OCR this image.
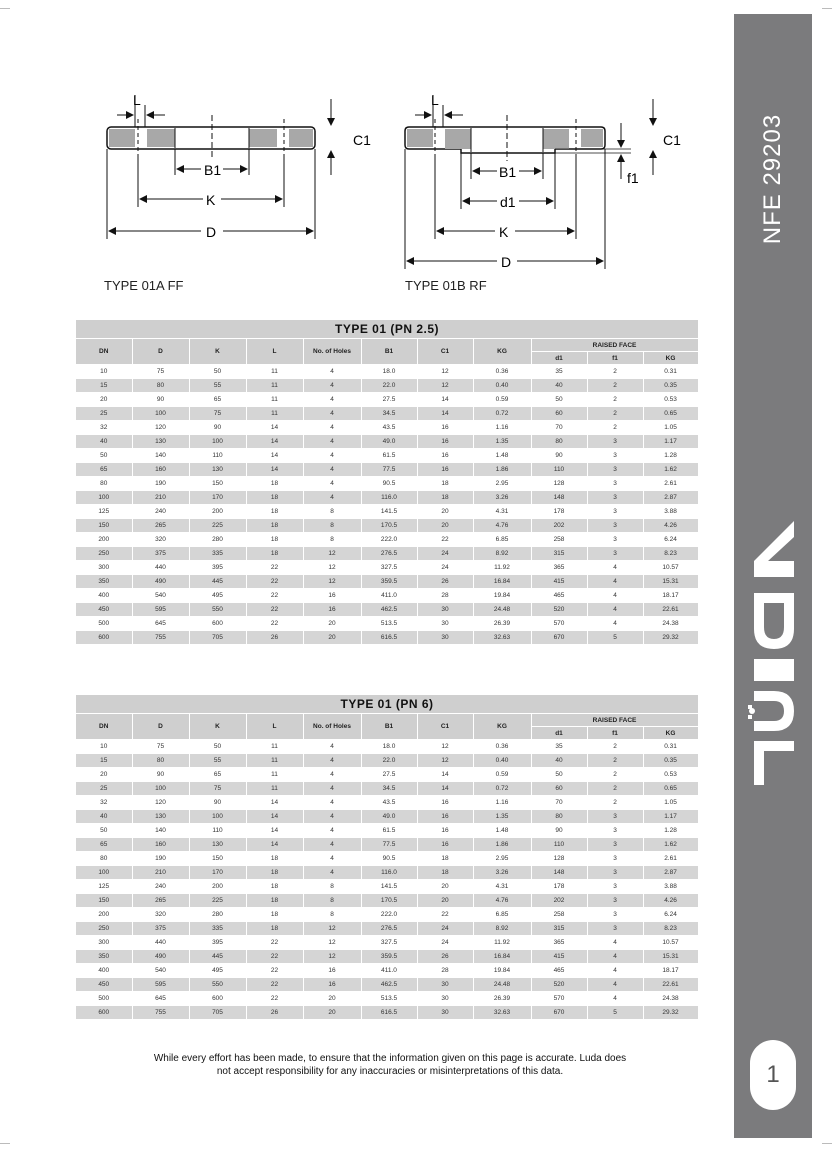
NFE 29203
LÜDA
1
L
C1
B1
K
D
TYPE 01A FF
L
C1
f1
B1
d1
K
D
TYPE 01B RF
TYPE 01 (PN 2.5)										
DN	D	K	L	No. of Holes	B1	C1	KG	RAISED FACE		
								d1	f1	KG
10	75	50	11	4	18.0	12	0.36	35	2	0.31
15	80	55	11	4	22.0	12	0.40	40	2	0.35
20	90	65	11	4	27.5	14	0.59	50	2	0.53
25	100	75	11	4	34.5	14	0.72	60	2	0.65
32	120	90	14	4	43.5	16	1.16	70	2	1.05
40	130	100	14	4	49.0	16	1.35	80	3	1.17
50	140	110	14	4	61.5	16	1.48	90	3	1.28
65	160	130	14	4	77.5	16	1.86	110	3	1.62
80	190	150	18	4	90.5	18	2.95	128	3	2.61
100	210	170	18	4	116.0	18	3.26	148	3	2.87
125	240	200	18	8	141.5	20	4.31	178	3	3.88
150	265	225	18	8	170.5	20	4.76	202	3	4.26
200	320	280	18	8	222.0	22	6.85	258	3	6.24
250	375	335	18	12	276.5	24	8.92	315	3	8.23
300	440	395	22	12	327.5	24	11.92	365	4	10.57
350	490	445	22	12	359.5	26	16.84	415	4	15.31
400	540	495	22	16	411.0	28	19.84	465	4	18.17
450	595	550	22	16	462.5	30	24.48	520	4	22.61
500	645	600	22	20	513.5	30	26.39	570	4	24.38
600	755	705	26	20	616.5	30	32.63	670	5	29.32
TYPE 01 (PN 6)										
DN	D	K	L	No. of Holes	B1	C1	KG	RAISED FACE		
								d1	f1	KG
10	75	50	11	4	18.0	12	0.36	35	2	0.31
15	80	55	11	4	22.0	12	0.40	40	2	0.35
20	90	65	11	4	27.5	14	0.59	50	2	0.53
25	100	75	11	4	34.5	14	0.72	60	2	0.65
32	120	90	14	4	43.5	16	1.16	70	2	1.05
40	130	100	14	4	49.0	16	1.35	80	3	1.17
50	140	110	14	4	61.5	16	1.48	90	3	1.28
65	160	130	14	4	77.5	16	1.86	110	3	1.62
80	190	150	18	4	90.5	18	2.95	128	3	2.61
100	210	170	18	4	116.0	18	3.26	148	3	2.87
125	240	200	18	8	141.5	20	4.31	178	3	3.88
150	265	225	18	8	170.5	20	4.76	202	3	4.26
200	320	280	18	8	222.0	22	6.85	258	3	6.24
250	375	335	18	12	276.5	24	8.92	315	3	8.23
300	440	395	22	12	327.5	24	11.92	365	4	10.57
350	490	445	22	12	359.5	26	16.84	415	4	15.31
400	540	495	22	16	411.0	28	19.84	465	4	18.17
450	595	550	22	16	462.5	30	24.48	520	4	22.61
500	645	600	22	20	513.5	30	26.39	570	4	24.38
600	755	705	26	20	616.5	30	32.63	670	5	29.32
While every effort has been made, to ensure that the information given on this page is accurate. Luda does
not accept responsibility for any inaccuracies or misinterpretations of this data.
